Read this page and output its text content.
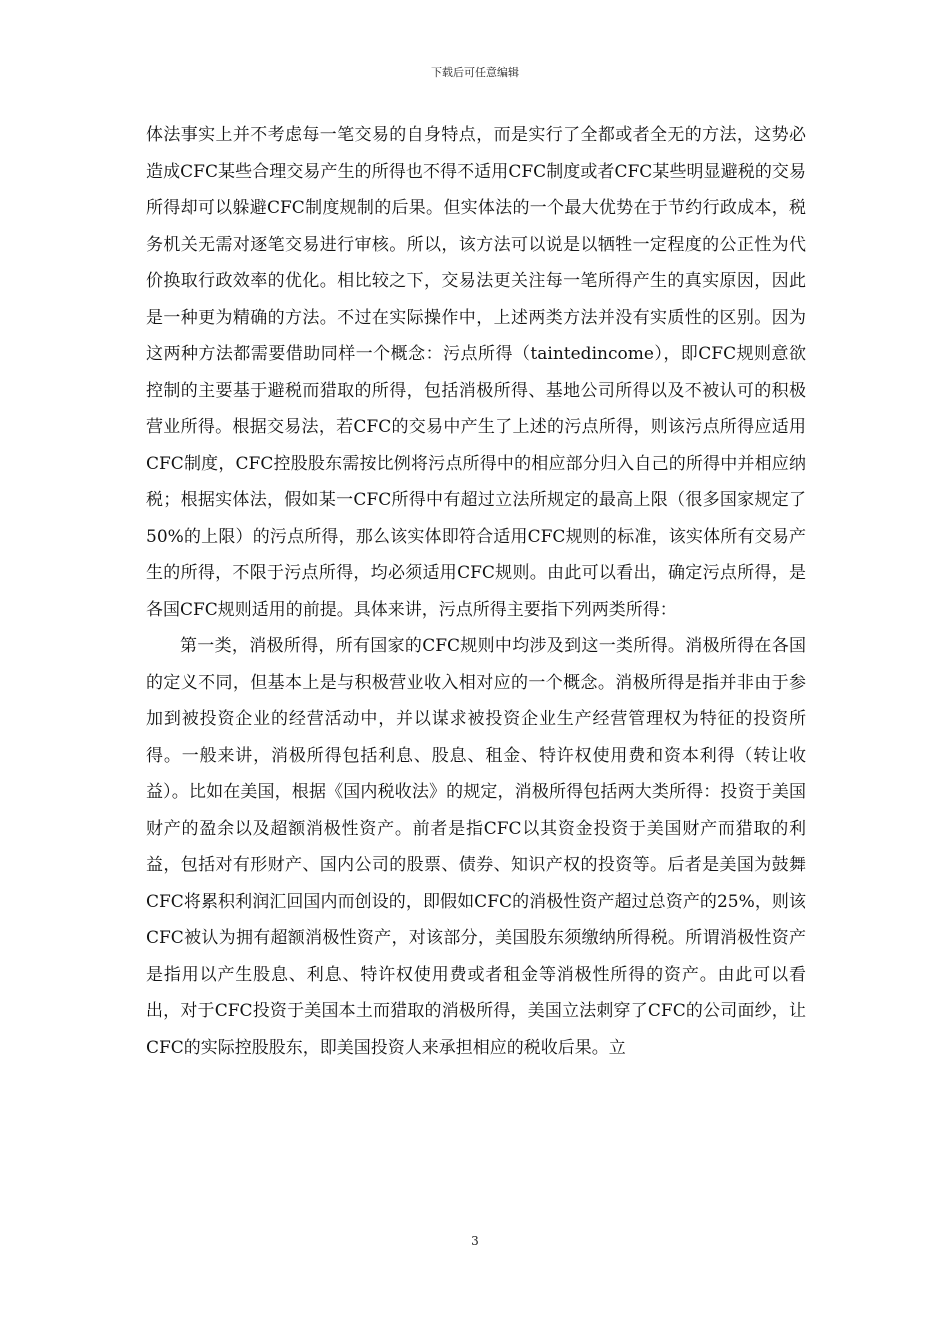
下载后可任意编辑

体法事实上并不考虑每一笔交易的自身特点，而是实行了全都或者全无的方法，这势必造成CFC某些合理交易产生的所得也不得不适用CFC制度或者CFC某些明显避税的交易所得却可以躲避CFC制度规制的后果。但实体法的一个最大优势在于节约行政成本，税务机关无需对逐笔交易进行审核。所以，该方法可以说是以牺牲一定程度的公正性为代价换取行政效率的优化。相比较之下，交易法更关注每一笔所得产生的真实原因，因此是一种更为精确的方法。不过在实际操作中，上述两类方法并没有实质性的区别。因为这两种方法都需要借助同样一个概念：污点所得（taintedincome），即CFC规则意欲控制的主要基于避税而猎取的所得，包括消极所得、基地公司所得以及不被认可的积极营业所得。根据交易法，若CFC的交易中产生了上述的污点所得，则该污点所得应适用CFC制度，CFC控股股东需按比例将污点所得中的相应部分归入自己的所得中并相应纳税；根据实体法，假如某一CFC所得中有超过立法所规定的最高上限（很多国家规定了50%的上限）的污点所得，那么该实体即符合适用CFC规则的标准，该实体所有交易产生的所得，不限于污点所得，均必须适用CFC规则。由此可以看出，确定污点所得，是各国CFC规则适用的前提。具体来讲，污点所得主要指下列两类所得：

第一类，消极所得，所有国家的CFC规则中均涉及到这一类所得。消极所得在各国的定义不同，但基本上是与积极营业收入相对应的一个概念。消极所得是指并非由于参加到被投资企业的经营活动中，并以谋求被投资企业生产经营管理权为特征的投资所得。一般来讲，消极所得包括利息、股息、租金、特许权使用费和资本利得（转让收益）。比如在美国，根据《国内税收法》的规定，消极所得包括两大类所得：投资于美国财产的盈余以及超额消极性资产。前者是指CFC以其资金投资于美国财产而猎取的利益，包括对有形财产、国内公司的股票、债券、知识产权的投资等。后者是美国为鼓舞CFC将累积利润汇回国内而创设的，即假如CFC的消极性资产超过总资产的25%，则该CFC被认为拥有超额消极性资产，对该部分，美国股东须缴纳所得税。所谓消极性资产是指用以产生股息、利息、特许权使用费或者租金等消极性所得的资产。由此可以看出，对于CFC投资于美国本土而猎取的消极所得，美国立法刺穿了CFC的公司面纱，让CFC的实际控股股东，即美国投资人来承担相应的税收后果。立

3
